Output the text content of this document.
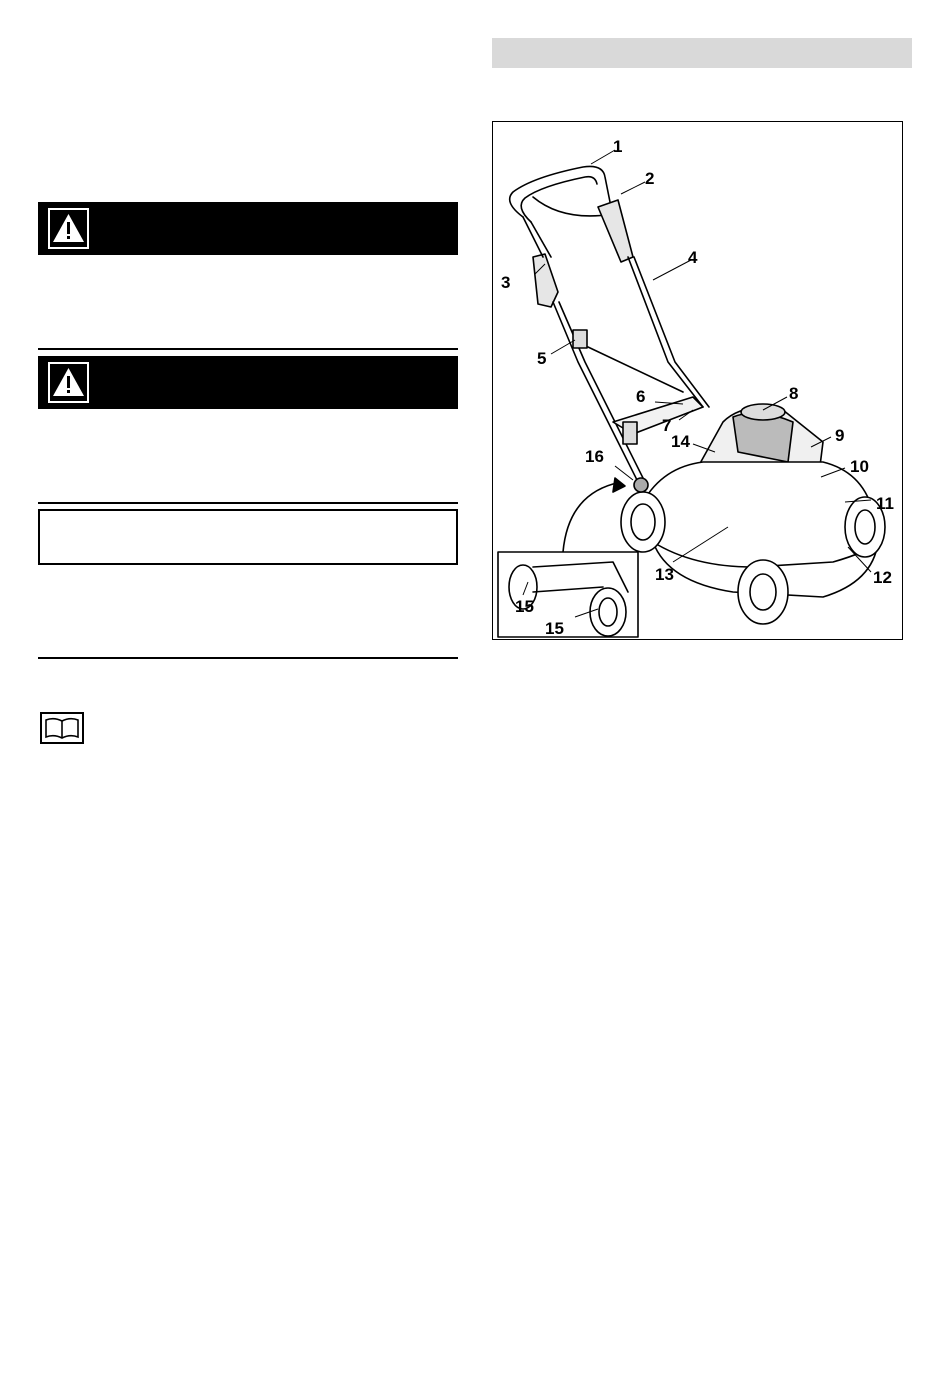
1
2
3
4
5
6
7
8
9
10
11
12
13
14
15
15
16
